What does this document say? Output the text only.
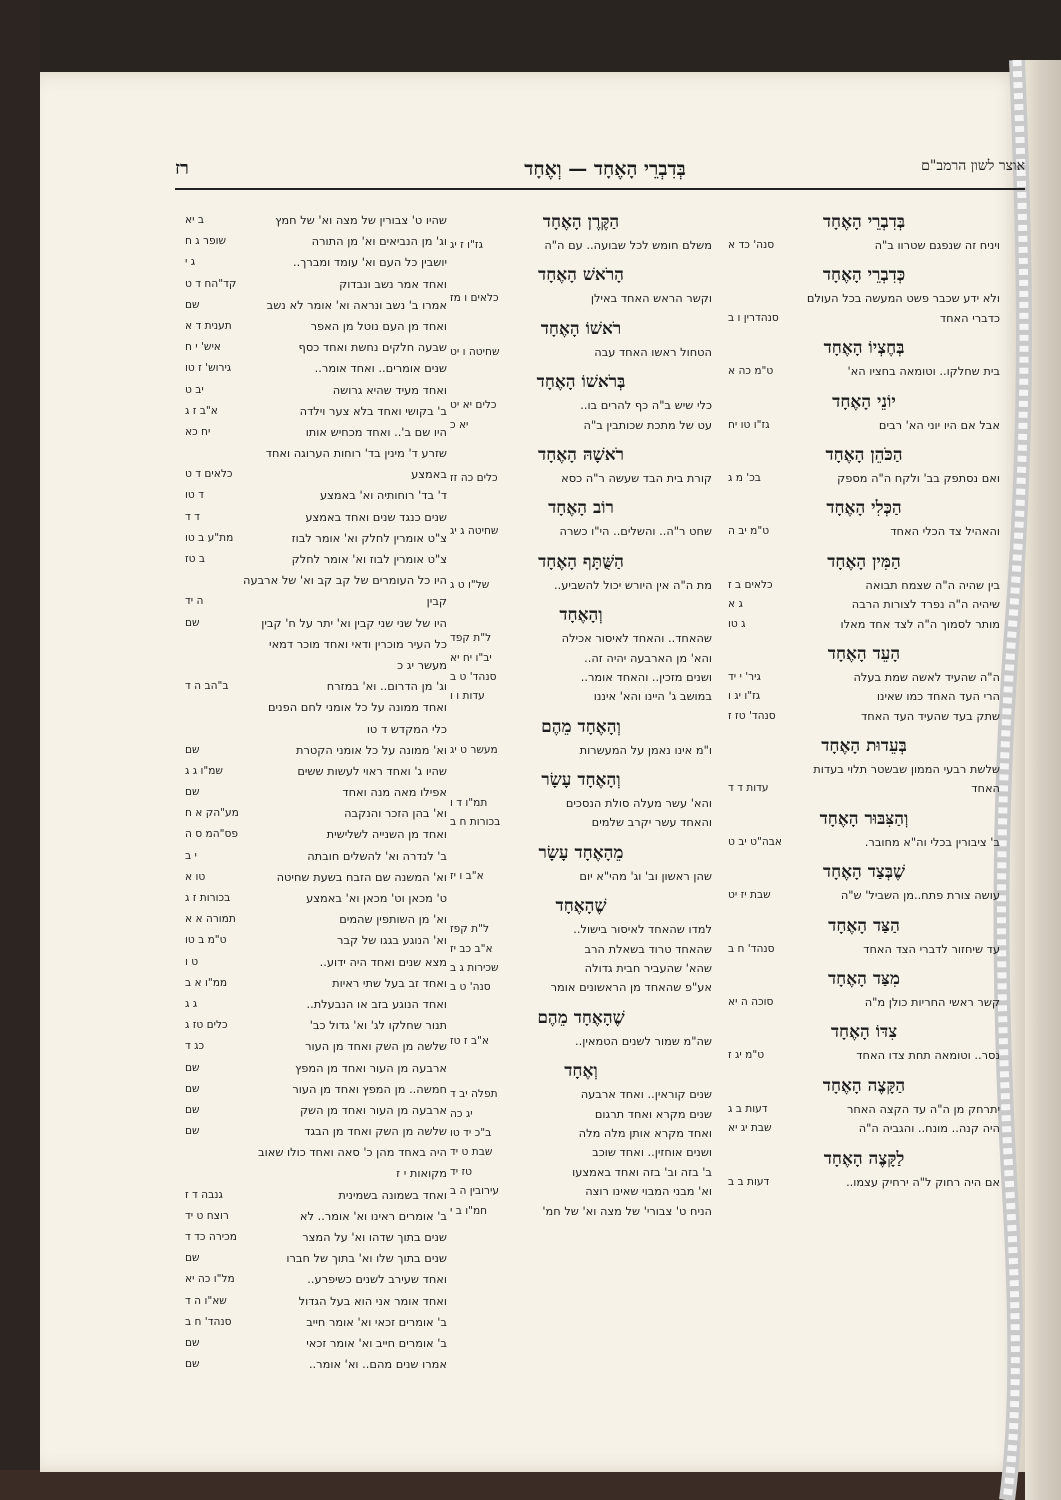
רז	בְּדִבְרֵי הָאֶחָד — וְאֶחָד	אוצר לשון הרמב"ם
בְּדִבְרֵי הָאֶחָד
ויניח זה שנפגם שטרוו ב"ה
סנה' כד א
כְּדִבְרֵי הָאֶחָד
ולא ידע שכבר פשט המעשה בכל העולם
כדברי האחד
סנהדרין ו ב
בְּחֶצְיוֹ הָאֶחָד
בית שחלקו.. וטומאה בחציו הא'
ט"מ כה א
יוֹנֵי הָאֶחָד
אבל אם היו יוני הא' רבים
גז"ו טו יח
הַכֹּהֵן הָאֶחָד
ואם נסתפק בב' ולקח ה"ה מספק
בכ' מ ג
הַכְּלִי הָאֶחָד
והאהיל צד הכלי האחד
ט"מ יב ה
הַמִּין הָאֶחָד
בין שהיה ה"ה שצמח תבואה
כלאים ב ז
שיהיה ה"ה נפרד לצורות הרבה
ג א
מותר לסמוך ה"ה לצד אחד מאלו
ג טו
הָעֵד הָאֶחָד
ה"ה שהעיד לאשה שמת בעלה
גיר' י יד
הרי העד האחד כמו שאינו
גז"ו יג ו
שתק בעד שהעיד העד האחד
סנהד' טז ז
בְּעֵדוּת הָאֶחָד
שלשת רבעי הממון שבשטר תלוי בעדות
האחד
עדות ד ד
וְהַצִּבּוּר הָאֶחָד
ב' ציבורין בכלי וה"א מחובר.
אבה"ט יב ט
שֶׁבְּצַד הָאֶחָד
עושה צורת פתח..מן השביל' ש"ה
שבת יז יט
הַצַּד הָאֶחָד
עד שיחזור לדברי הצד האחד
סנהד' ח ב
מִצַּד הָאֶחָד
קשר ראשי החריות כולן מ"ה
סוכה ה יא
צִדּוֹ הָאֶחָד
נסר.. וטומאה תחת צדו האחד
ט"מ יג ז
הַקָּצֶה הָאֶחָד
יתרחק מן ה"ה עד הקצה האחר
דעות ב ג
היה קנה.. מונח.. והגביה ה"ה
שבת יג יא
לַקָּצֶה הָאֶחָד
אם היה רחוק ל"ה ירחיק עצמו..
דעות ב ב
הַקֶּרֶן הָאֶחָד
משלם חומש לכל שבועה.. עם ה"ה
גז"ו ז יג
הָרֹאשׁ הָאֶחָד
וקשר הראש האחד באילן
כלאים ו מז
רֹאשׁוֹ הָאֶחָד
הטחול ראשו האחד עבה
שחיטה ו יט
בְּרֹאשׁוֹ הָאֶחָד
כלי שיש ב"ה כף להרים בו..
כלים יא יט
עט של מתכת שכותבין ב"ה
יא כ
רֹאשָׁהּ הָאֶחָד
קורת בית הבד שעשה ר"ה כסא
כלים כה זז
רוֹב הָאֶחָד
שחט ר"ה.. והשלים.. הי"ו כשרה
שחיטה ג יג
הַשֻּׁתָּף הָאֶחָד
מת ה"ה אין היורש יכול להשביע..
של"ו ט ג
וְהָאֶחָד
שהאחד.. והאחד לאיסור אכילה
ל"ת קפד
והא' מן הארבעה יהיה זה..
יב"ו יח יא
ושנים מזכין.. והאחד אומר..
סנהד' ט ב
במושב ג' היינו והא' איננו
עדות ו ו
וְהָאֶחָד מֵהֶם
ו"מ אינו נאמן על המעשרות
מעשר ט יג
וְהָאֶחָד עָשָׂר
והא' עשר מעלה סולת הנסכים
תמ"ו ד ו
והאחד עשר יקרב שלמים
בכורות ח ב
מֵהָאֶחָד עָשָׂר
שהן ראשון וב' וג' מהי"א יום
א"ב ו יז
שֶׁהָאֶחָד
למדו שהאחד לאיסור בישול..
ל"ת קפז
שהאחד טרוד בשאלת הרב
א"ב כב יז
שהא' שהעביר חבית גדולה
שכירות ג ב
אע"פ שהאחד מן הראשונים אומר
סנה' ט ב
שֶׁהָאֶחָד מֵהֶם
שה"מ שמור לשנים הטמאין..
א"ב ז טז
וְאֶחָד
שנים קוראין.. ואחד ארבעה
תפלה יב ד
שנים מקרא ואחד תרגום
יג כה
ואחד מקרא אותן מלה מלה
ב"כ יד טו
ושנים אוחזין.. ואחד שוכב
שבת ט יד
ב' בזה וב' בזה ואחד באמצעו
טז יד
וא' מבני המבוי שאינו רוצה
עירובין ה ב
הניח ט' צבורי' של מצה וא' של חמ'
חמ"ו ב י
שהיו ט' צבורין של מצה וא' של חמץ
ב יא
וג' מן הנביאים וא' מן התורה
שופר ג ח
יושבין כל העם וא' עומד ומברך..
ג י
ואחד אמר נשב ונבדוק
קד"הח ד ט
אמרו ב' נשב ונראה וא' אומר לא נשב
שם
ואחד מן העם נוטל מן האפר
תענית ד א
שבעה חלקים נחשת ואחד כסף
איש' י ח
שנים אומרים.. ואחד אומר..
גירוש' ז טו
ואחד מעיד שהיא גרושה
יב ט
ב' בקושי ואחד בלא צער וילדה
א"ב ז ג
היו שם ב'.. ואחד מכחיש אותו
יח כא
שזרע ד' מינין בד' רוחות הערוגה ואחד
באמצע
כלאים ד ט
ד' בד' רוחותיה וא' באמצע
ד טו
שנים כנגד שנים ואחד באמצע
ד ד
צ"ט אומרין לחלק וא' אומר לבוז
מת"ע ב טו
צ"ט אומרין לבוז וא' אומר לחלק
ב טז
היו כל העומרים של קב קב וא' של ארבעה
קבין
ה יד
היו של שני שני קבין וא' יתר על ח' קבין
שם
כל העיר מוכרין ודאי ואחד מוכר דמאי
מעשר יג כ
וג' מן הדרום.. וא' במזרח
ב"הב ה ד
ואחד ממונה על כל אומני לחם הפנים
כלי המקדש ד טו
וא' ממונה על כל אומני הקטרת
שם
שהיו ג' ואחד ראוי לעשות ששים
שמ"ו ג ג
אפילו מאה מנה ואחד
שם
וא' בהן הזכר והנקבה
מע"הק א ח
ואחד מן השנייה לשלישית
פס"המ ס ה
ב' לנדרה וא' להשלים חובתה
י ב
וא' המשנה שם הזבח בשעת שחיטה
טו א
ט' מכאן וט' מכאן וא' באמצע
בכורות ז ג
וא' מן השותפין שהמים
תמורה א א
וא' הנוגע בגגו של קבר
ט"מ ב טו
מצא שנים ואחד היה ידוע..
ט ו
ואחד זב בעל שתי ראיות
ממ"ו א ב
ואחד הנוגע בזב או הנבעלת..
ג ג
תנור שחלקו לג' וא' גדול כב'
כלים טז ג
שלשה מן השק ואחד מן העור
כג ד
ארבעה מן העור ואחד מן המפץ
שם
חמשה.. מן המפץ ואחד מן העור
שם
ארבעה מן העור ואחד מן השק
שם
שלשה מן השק ואחד מן הבגד
שם
היה באחד מהן כ' סאה ואחד כולו שאוב
מקואות י ז
ואחד בשמונה בשמינית
גנבה ד ז
ב' אומרים ראינו וא' אומר.. לא
רוצח ט יד
שנים בתוך שדהו וא' על המצר
מכירה כד ד
שנים בתוך שלו וא' בתוך של חברו
שם
ואחד שעירב לשנים כשיפרע..
מל"ו כה יא
ואחד אומר אני הוא בעל הגדול
שא"ו ה ד
ב' אומרים זכאי וא' אומר חייב
סנהד' ח ב
ב' אומרים חייב וא' אומר זכאי
שם
אמרו שנים מהם.. וא' אומר..
שם
